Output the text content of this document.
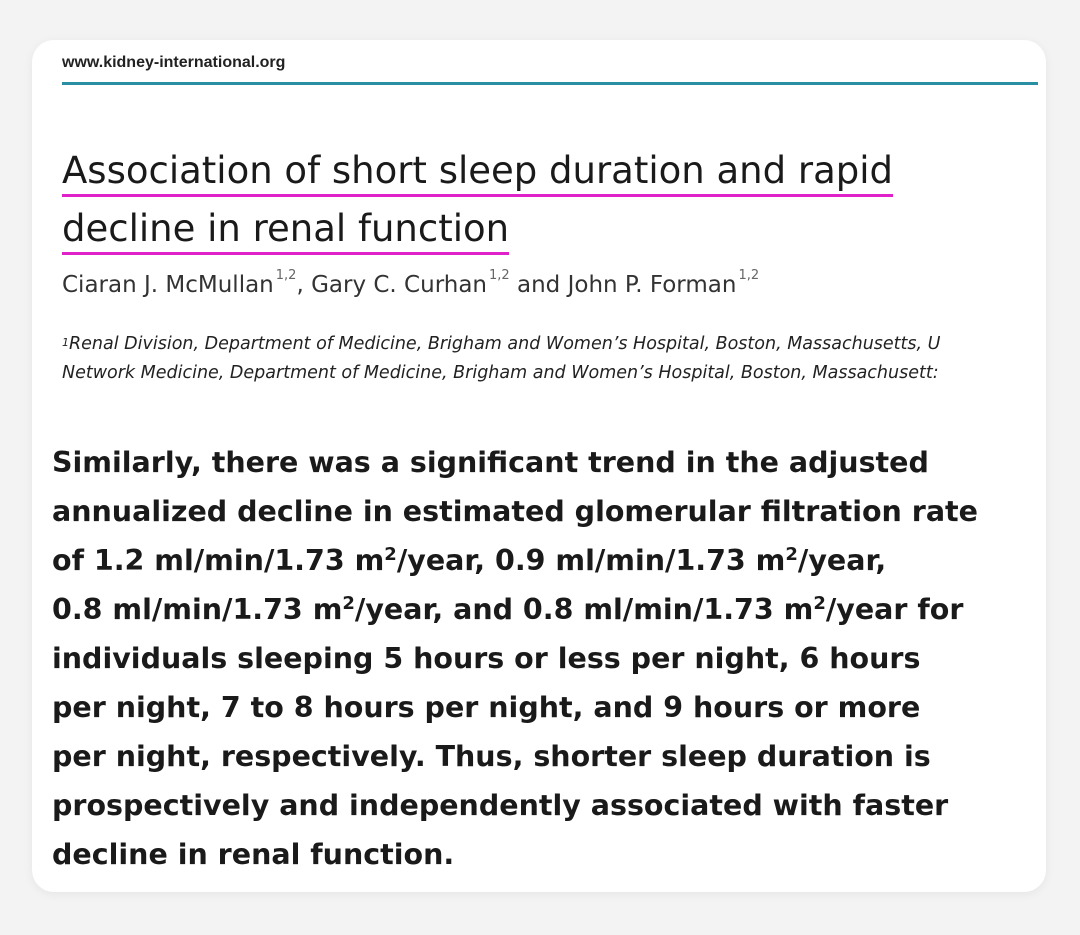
www.kidney-international.org
Association of short sleep duration and rapid
decline in renal function
Ciaran J. McMullan $^{1,2}$, Gary C. Curhan $^{1,2}$ and John P. Forman $^{1,2}$
$^1$Renal Division, Department of Medicine, Brigham and Women’s Hospital, Boston, Massachusetts, U
Network Medicine, Department of Medicine, Brigham and Women’s Hospital, Boston, Massachusett:

Similarly, there was a significant trend in the adjusted
annualized decline in estimated glomerular filtration rate
of 1.2 ml/min/1.73 $m^2$/year, 0.9 ml/min/1.73 $m^2$/year,
0.8 ml/min/1.73 $m^2$/year, and 0.8 ml/min/1.73 $m^2$/year for
individuals sleeping 5 hours or less per night, 6 hours
per night, 7 to 8 hours per night, and 9 hours or more
per night, respectively. Thus, shorter sleep duration is
prospectively and independently associated with faster
decline in renal function.
